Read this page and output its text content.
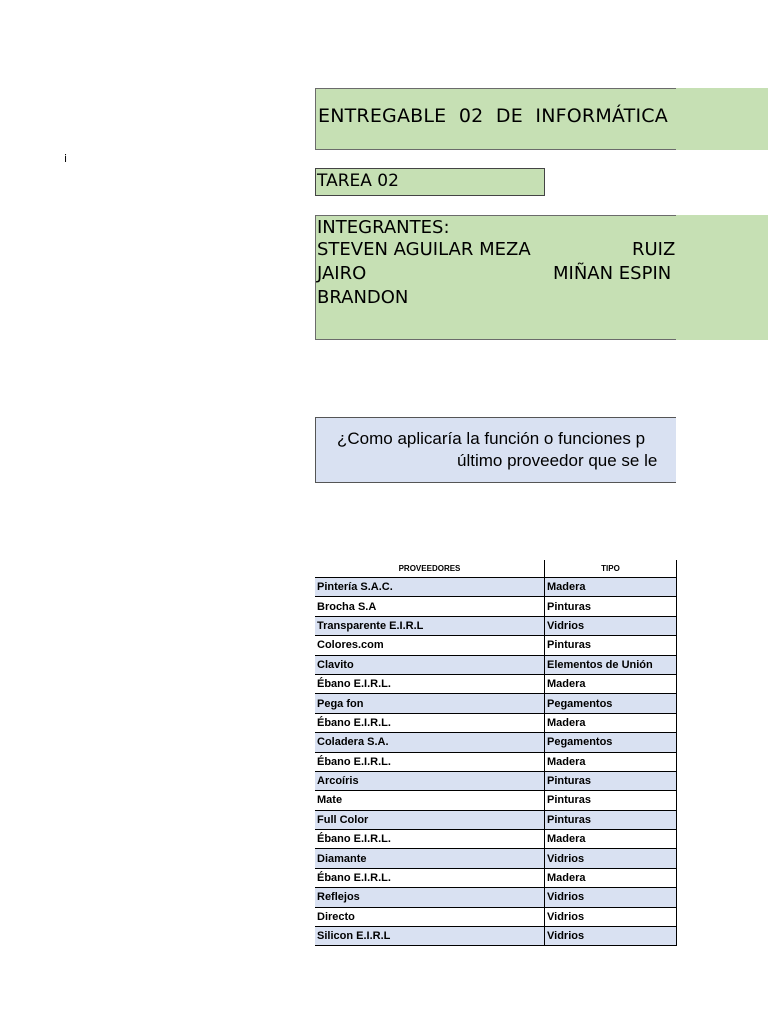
i
ENTREGABLE  02  DE  INFORMÁTICA
TAREA 02
INTEGRANTES:
STEVEN AGUILAR MEZA	RUIZ
JAIRO	MIÑAN ESPIN
BRANDON
¿Como aplicaría la función o funciones p
último proveedor que se le
PROVEEDORES	TIPO
Pintería S.A.C.	Madera
Brocha S.A	Pinturas
Transparente E.I.R.L	Vidrios
Colores.com	Pinturas
Clavito	Elementos de Unión
Ébano E.I.R.L.	Madera
Pega fon	Pegamentos
Ébano E.I.R.L.	Madera
Coladera S.A.	Pegamentos
Ébano E.I.R.L.	Madera
Arcoíris	Pinturas
Mate	Pinturas
Full Color	Pinturas
Ébano E.I.R.L.	Madera
Diamante	Vidrios
Ébano E.I.R.L.	Madera
Reflejos	Vidrios
Directo	Vidrios
Silicon E.I.R.L	Vidrios
